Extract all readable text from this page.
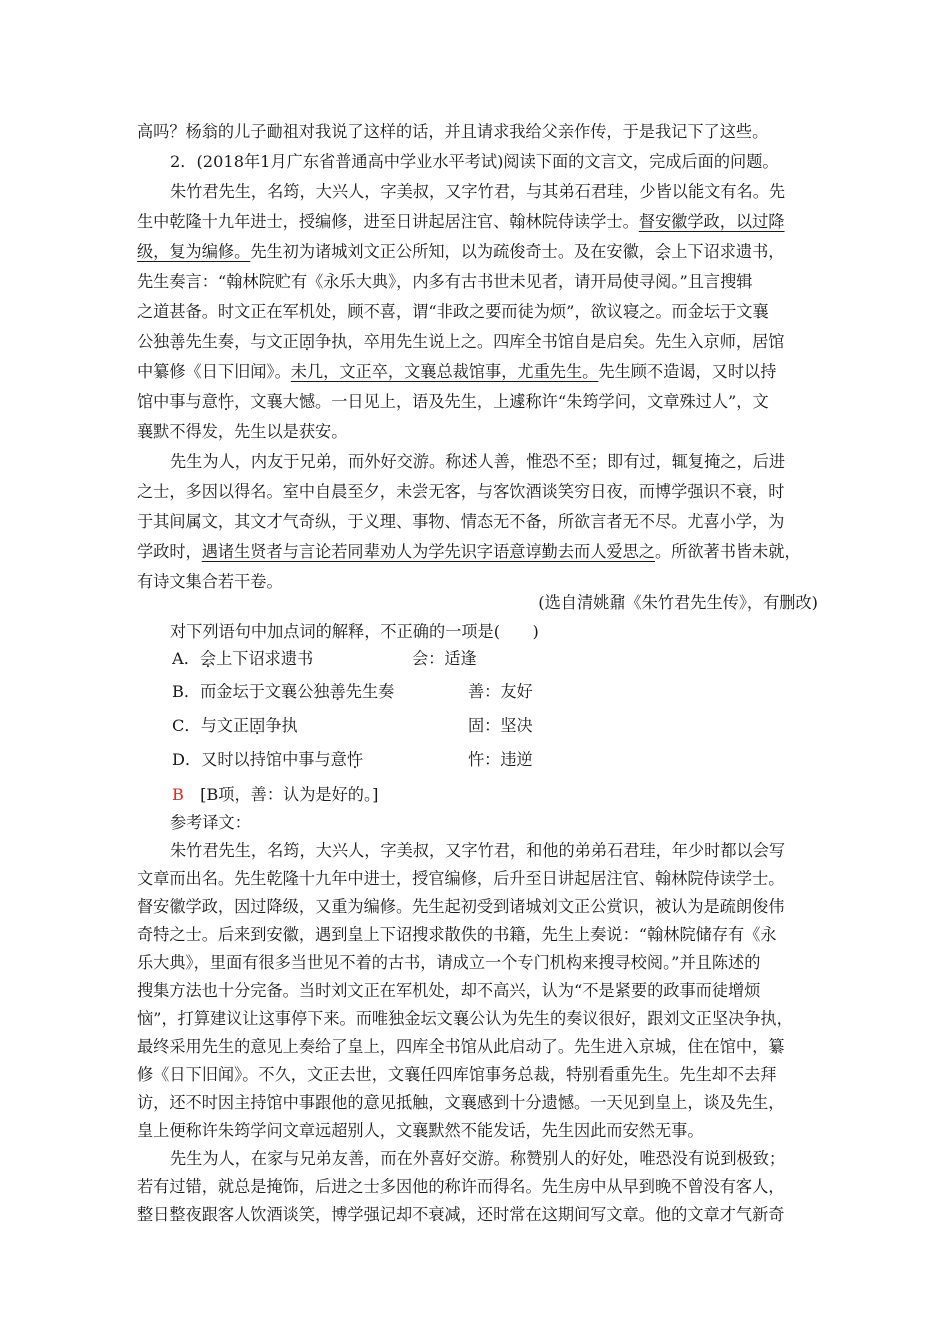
高吗？杨翁的儿子勔祖对我说了这样的话，并且请求我给父亲作传，于是我记下了这些。
2．(2018年1月广东省普通高中学业水平考试)阅读下面的文言文，完成后面的问题。
朱竹君先生，名筠，大兴人，字美叔，又字竹君，与其弟石君珪，少皆以能文有名。先
生中乾隆十九年进士，授编修，进至日讲起居注官、翰林院侍读学士。督安徽学政，以过降
级，复为编修。先生初为诸城刘文正公所知，以为疏俊奇士。及在安徽，会上下诏求遗书，
先生奏言：“翰林院贮有《永乐大典》，内多有古书世未见者，请开局使寻阅。”且言搜辑
之道甚备。时文正在军机处，顾不喜，谓“非政之要而徒为烦”，欲议寝之。而金坛于文襄
公独善先生奏，与文正固争执，卒用先生说上之。四库全书馆自是启矣。先生入京师，居馆
中纂修《日下旧闻》。未几，文正卒，文襄总裁馆事，尤重先生。先生顾不造谒，又时以持
馆中事与意忤，文襄大憾。一日见上，语及先生，上遽称许“朱筠学问，文章殊过人”，文
襄默不得发，先生以是获安。
先生为人，内友于兄弟，而外好交游。称述人善，惟恐不至；即有过，辄复掩之，后进
之士，多因以得名。室中自晨至夕，未尝无客，与客饮酒谈笑穷日夜，而博学强识不衰，时
于其间属文，其文才气奇纵，于义理、事物、情态无不备，所欲言者无不尽。尤喜小学，为
学政时，遇诸生贤者与言论若同辈劝人为学先识字语意谆勤去而人爱思之。所欲著书皆未就，
有诗文集合若干卷。
(选自清姚鼐《朱竹君先生传》，有删改)
对下列语句中加点词的解释，不正确的一项是(　　)
A．会上下诏求遗书	会：适逢
B．而金坛于文襄公独善先生奏	善：友好
C．与文正固争执	固：坚决
D．又时以持馆中事与意忤	忤：违逆
B　 [B项，善：认为是好的。]
参考译文：
朱竹君先生，名筠，大兴人，字美叔，又字竹君，和他的弟弟石君珪，年少时都以会写
文章而出名。先生乾隆十九年中进士，授官编修，后升至日讲起居注官、翰林院侍读学士。
督安徽学政，因过降级，又重为编修。先生起初受到诸城刘文正公赏识，被认为是疏朗俊伟
奇特之士。后来到安徽，遇到皇上下诏搜求散佚的书籍，先生上奏说：“翰林院储存有《永
乐大典》，里面有很多当世见不着的古书，请成立一个专门机构来搜寻校阅。”并且陈述的
搜集方法也十分完备。当时刘文正在军机处，却不高兴，认为“不是紧要的政事而徒增烦
恼”，打算建议让这事停下来。而唯独金坛文襄公认为先生的奏议很好，跟刘文正坚决争执，
最终采用先生的意见上奏给了皇上，四库全书馆从此启动了。先生进入京城，住在馆中，纂
修《日下旧闻》。不久，文正去世，文襄任四库馆事务总裁，特别看重先生。先生却不去拜
访，还不时因主持馆中事跟他的意见抵触，文襄感到十分遗憾。一天见到皇上，谈及先生，
皇上便称许朱筠学问文章远超别人，文襄默然不能发话，先生因此而安然无事。
先生为人，在家与兄弟友善，而在外喜好交游。称赞别人的好处，唯恐没有说到极致；
若有过错，就总是掩饰，后进之士多因他的称许而得名。先生房中从早到晚不曾没有客人，
整日整夜跟客人饮酒谈笑，博学强记却不衰减，还时常在这期间写文章。他的文章才气新奇
